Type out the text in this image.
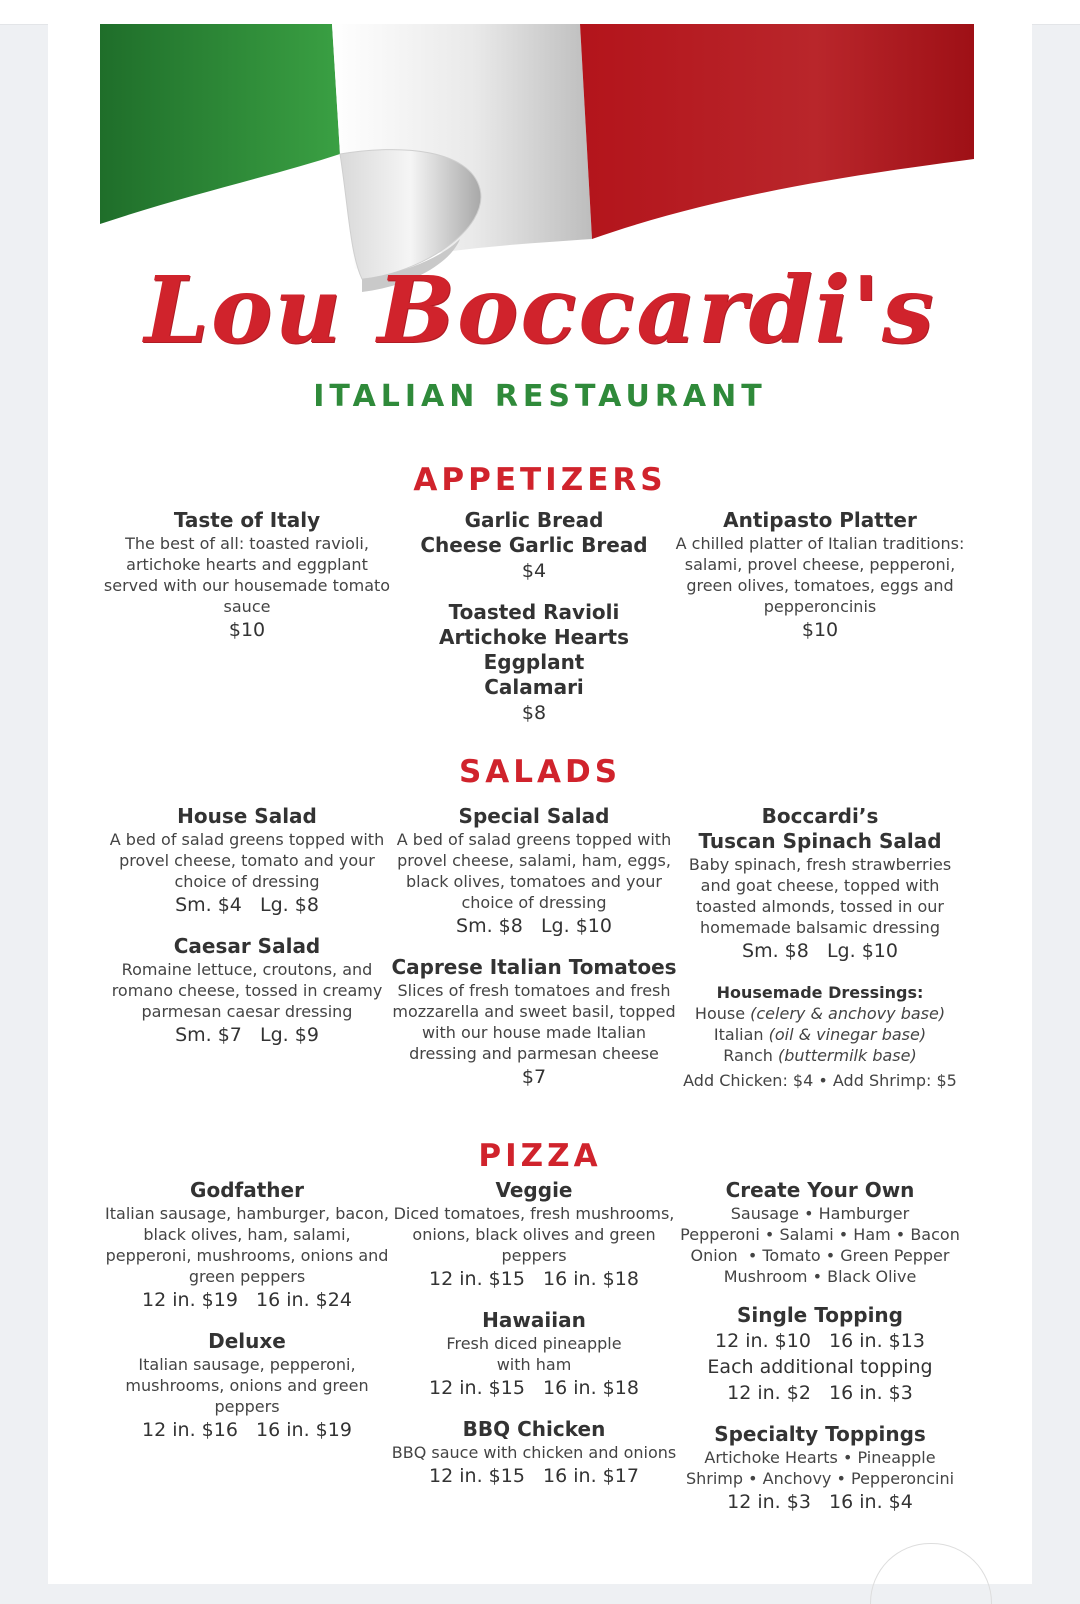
Lou Boccardi's
ITALIAN RESTAURANT
APPETIZERS
Taste of Italy
The best of all: toasted ravioli, artichoke hearts and eggplant served with our housemade tomato sauce
$10
Garlic Bread
Cheese Garlic Bread
$4
Toasted Ravioli
Artichoke Hearts
Eggplant
Calamari
$8
Antipasto Platter
A chilled platter of Italian traditions: salami, provel cheese, pepperoni, green olives, tomatoes, eggs and pepperoncinis
$10
SALADS
House Salad
A bed of salad greens topped with provel cheese, tomato and your choice of dressing
Sm. $4   Lg. $8
Caesar Salad
Romaine lettuce, croutons, and romano cheese, tossed in creamy parmesan caesar dressing
Sm. $7   Lg. $9
Special Salad
A bed of salad greens topped with provel cheese, salami, ham, eggs, black olives, tomatoes and your choice of dressing
Sm. $8   Lg. $10
Caprese Italian Tomatoes
Slices of fresh tomatoes and fresh mozzarella and sweet basil, topped with our house made Italian dressing and parmesan cheese
$7
Boccardi’s
Tuscan Spinach Salad
Baby spinach, fresh strawberries and goat cheese, topped with toasted almonds, tossed in our homemade balsamic dressing
Sm. $8   Lg. $10
Housemade Dressings:
House (celery & anchovy base)
Italian (oil & vinegar base)
Ranch (buttermilk base)
Add Chicken: $4 • Add Shrimp: $5
PIZZA
Godfather
Italian sausage, hamburger, bacon, black olives, ham, salami, pepperoni, mushrooms, onions and green peppers
12 in. $19   16 in. $24
Deluxe
Italian sausage, pepperoni, mushrooms, onions and green peppers
12 in. $16   16 in. $19
Veggie
Diced tomatoes, fresh mushrooms, onions, black olives and green peppers
12 in. $15   16 in. $18
Hawaiian
Fresh diced pineapple with ham
12 in. $15   16 in. $18
BBQ Chicken
BBQ sauce with chicken and onions
12 in. $15   16 in. $17
Create Your Own
Sausage • Hamburger
Pepperoni • Salami • Ham • Bacon
Onion  • Tomato • Green Pepper
Mushroom • Black Olive
Single Topping
12 in. $10   16 in. $13
Each additional topping
12 in. $2   16 in. $3
Specialty Toppings
Artichoke Hearts • Pineapple
Shrimp • Anchovy • Pepperoncini
12 in. $3   16 in. $4
